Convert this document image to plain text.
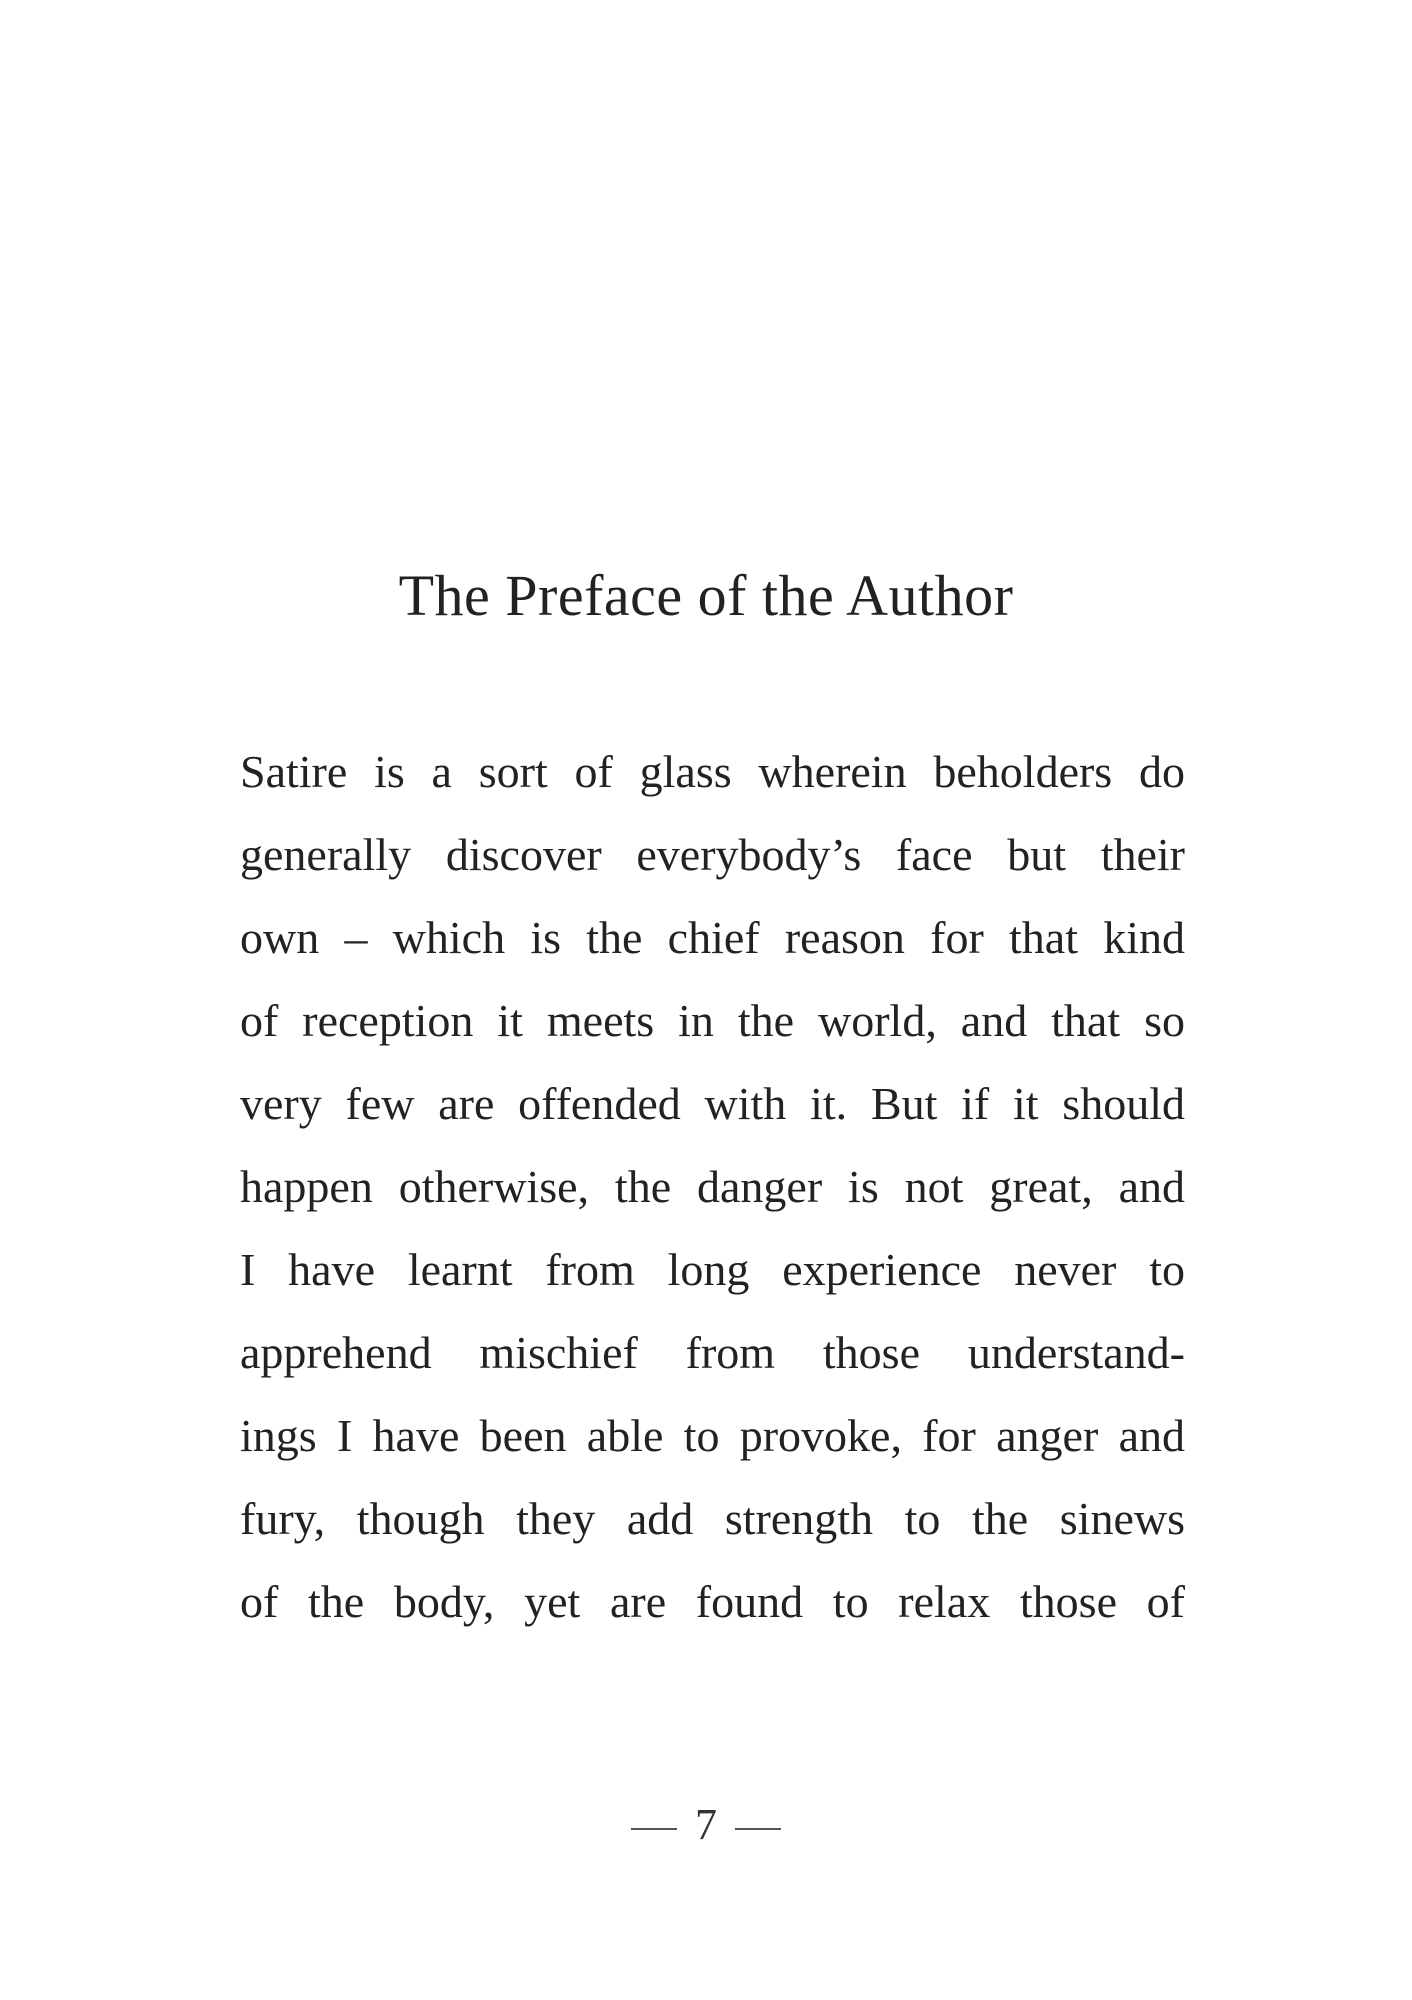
The Preface of the Author
Satire is a sort of glass wherein beholders do
generally discover everybody’s face but their
own – which is the chief reason for that kind
of reception it meets in the world, and that so
very few are offended with it. But if it should
happen otherwise, the danger is not great, and
I have learnt from long experience never to
apprehend mischief from those understand-
ings I have been able to provoke, for anger and
fury, though they add strength to the sinews
of the body, yet are found to relax those of
7
